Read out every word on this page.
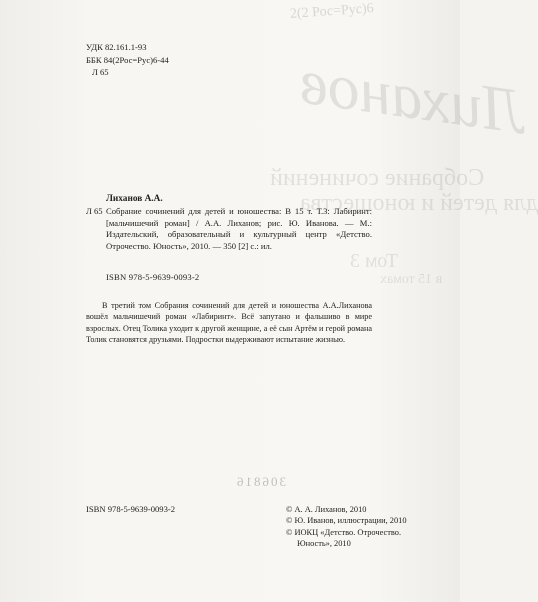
Лиханов
Собрание сочинений
для детей и юношества
Том 3
в 15 томах
306816
2(2 Рос=Рус)6
УДК 82.161.1-93
ББК 84(2Рос=Рус)6-44
Л 65
Лиханов А.А.
Л 65 Собрание сочинений для детей и юношества: В 15 т. Т.3: Лабиринт: [мальчишечий роман] / А.А. Лиханов; рис. Ю. Иванова. — М.: Издательский, образовательный и культурный центр «Детство. Отрочество. Юность», 2010. — 350 [2] с.: ил.
ISBN 978-5-9639-0093-2
В третий том Собрания сочинений для детей и юношества А.А.Лиханова вошёл мальчишечий роман «Лабиринт». Всё запутано и фальшиво в мире взрослых. Отец Толика уходит к другой женщине, а её сын Артём и герой романа Толик становятся друзьями. Подростки выдерживают испытание жизнью.
ISBN 978-5-9639-0093-2	© А. А. Лиханов, 2010
© Ю. Иванов, иллюстрации, 2010
© ИОКЦ «Детство. Отрочество.
Юность», 2010
